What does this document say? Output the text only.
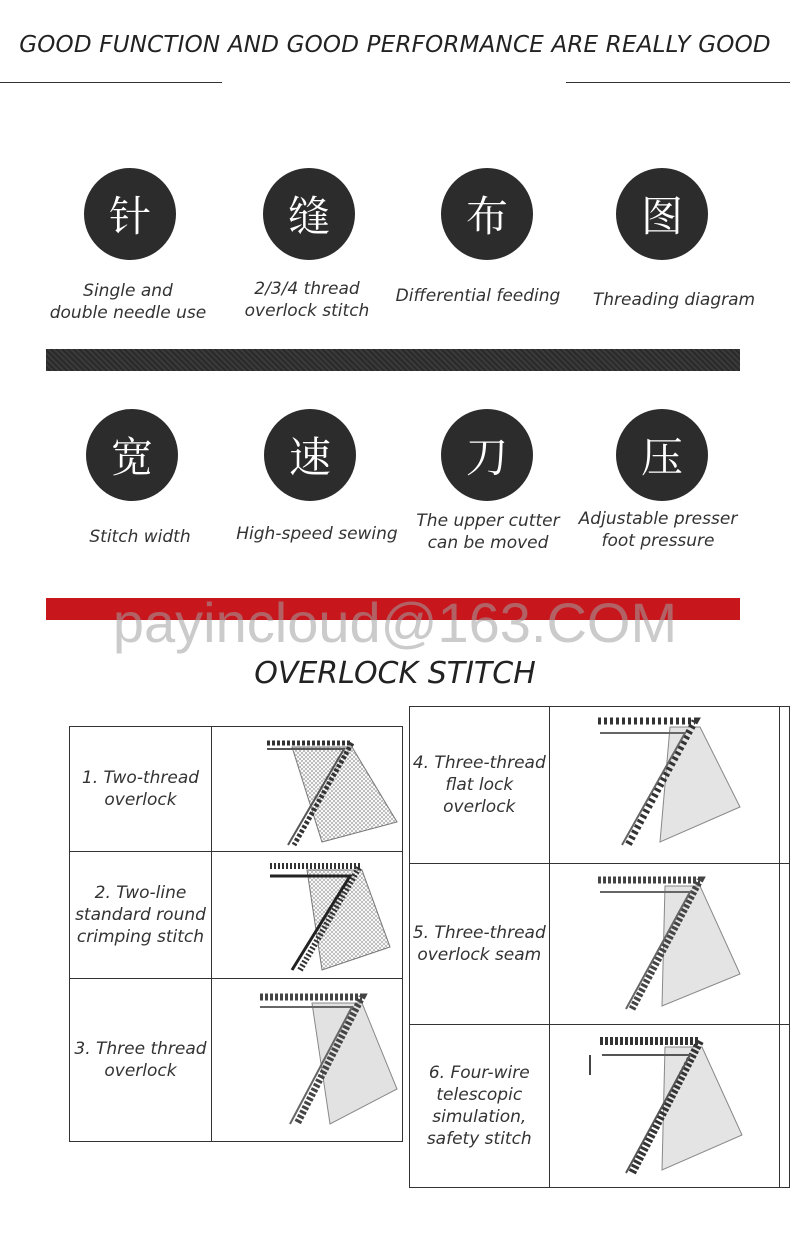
GOOD FUNCTION AND GOOD PERFORMANCE ARE REALLY GOOD
针	缝	布	图
Single and
double needle use
2/3/4 thread
overlock stitch
Differential feeding	Threading diagram
宽	速	刀	压
Stitch width	High-speed sewing
The upper cutter
can be moved
Adjustable presser
foot pressure
payincloud@163.COM
OVERLOCK STITCH
1. Two-thread
overlock	

2. Two-line
standard round
crimping stitch	

3. Three thread
overlock	
4. Three-thread
flat lock
overlock	

5. Three-thread
overlock seam	

6. Four-wire
telescopic
simulation,
safety stitch	
